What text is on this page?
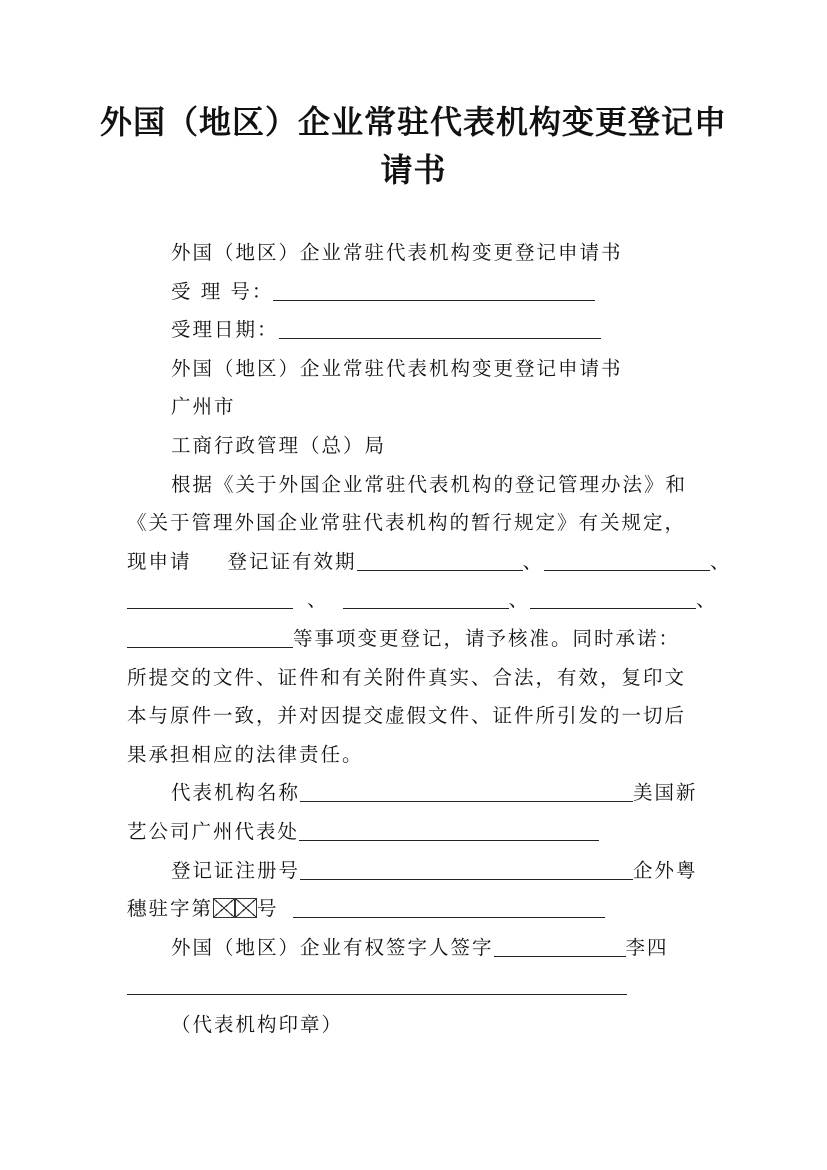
外国（地区）企业常驻代表机构变更登记申
请书
外国（地区）企业常驻代表机构变更登记申请书
受 理 号：
受理日期：
外国（地区）企业常驻代表机构变更登记申请书
广州市
工商行政管理（总）局
根据《关于外国企业常驻代表机构的登记管理办法》和
《关于管理外国企业常驻代表机构的暂行规定》有关规定，
现申请 登记证有效期	、	、
、	、	、
等事项变更登记，请予核准。同时承诺：
所提交的文件、证件和有关附件真实、合法，有效，复印文
本与原件一致，并对因提交虚假文件、证件所引发的一切后
果承担相应的法律责任。
代表机构名称	美国新
艺公司广州代表处
登记证注册号	企外粤
穗驻字第 号
外国（地区）企业有权签字人签字	李四
（代表机构印章）
